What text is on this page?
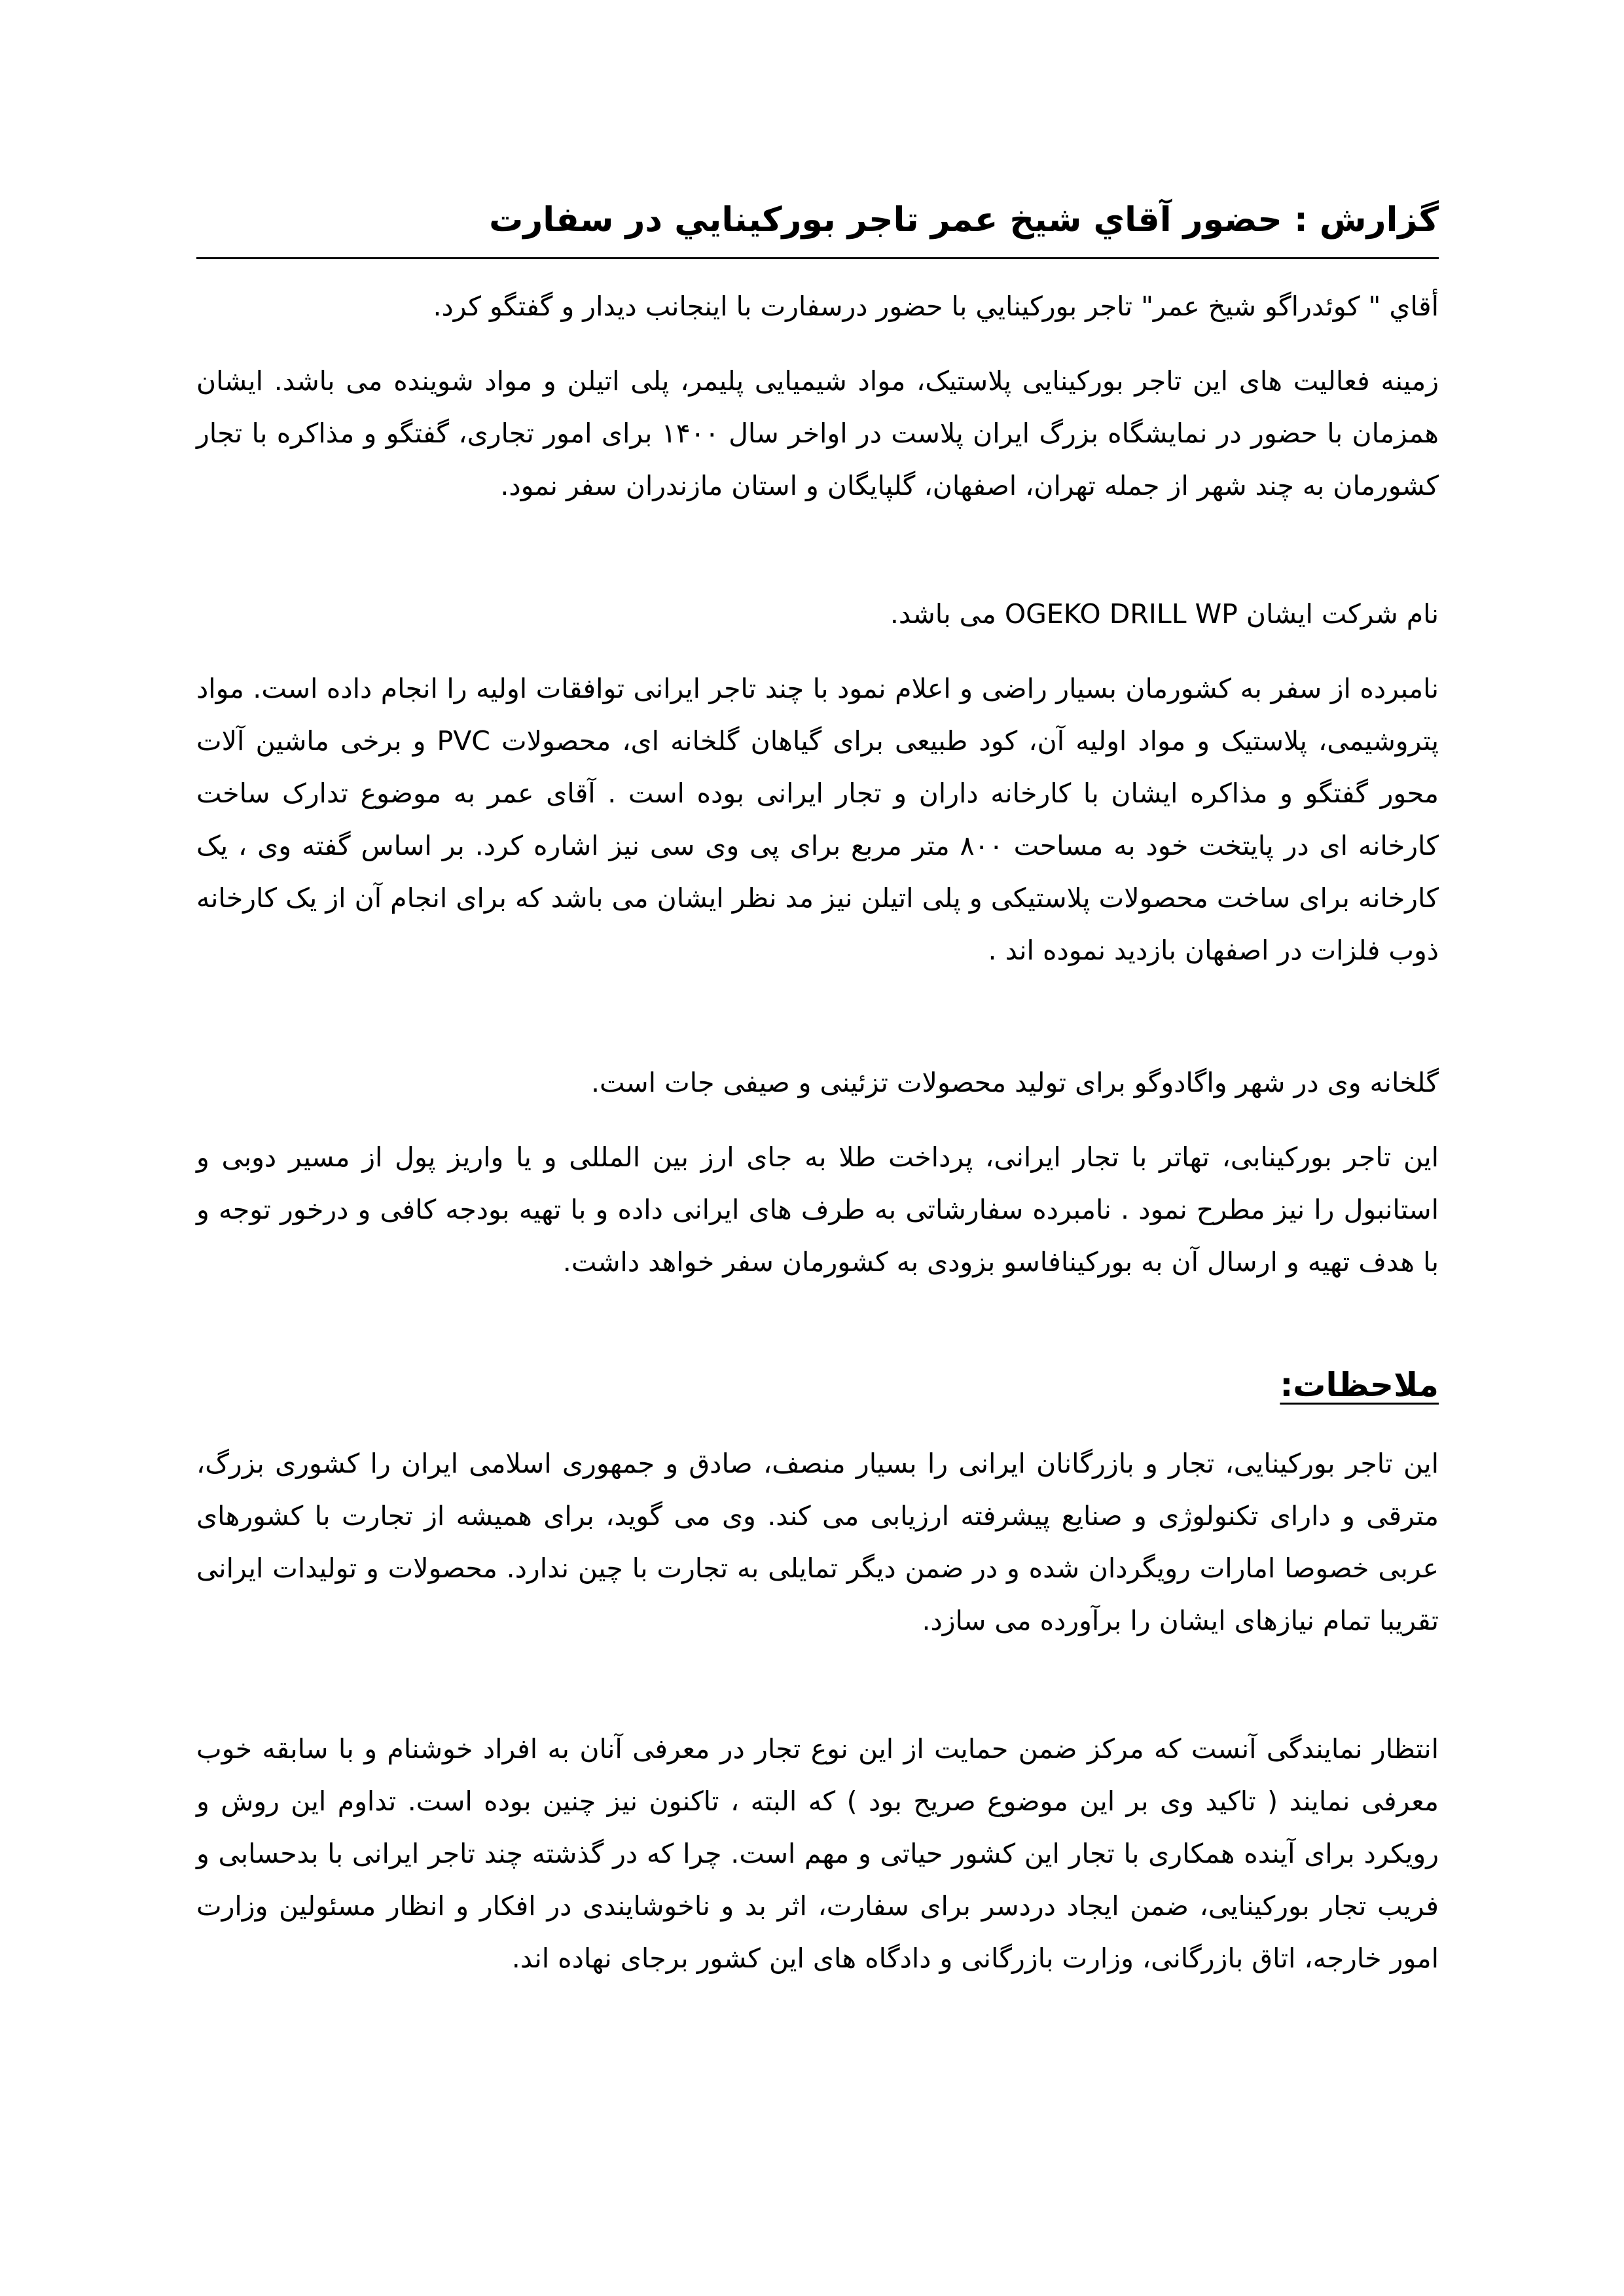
گزارش : حضور آقاي شیخ عمر تاجر بورکینایي در سفارت

أقاي " کوئدراگو شیخ عمر" تاجر بورکینایي با حضور درسفارت با اینجانب دیدار و گفتگو کرد.

زمینه فعالیت های این تاجر بورکینایی پلاستیک، مواد شیمیایی پلیمر، پلی اتیلن و مواد شوینده می باشد. ایشان همزمان با حضور در نمایشگاه بزرگ ایران پلاست در اواخر سال ۱۴۰۰ برای امور تجاری، گفتگو و مذاکره با تجار کشورمان به چند شهر از جمله تهران، اصفهان، گلپایگان و استان مازندران سفر نمود.

نام شرکت ایشان OGEKO DRILL WP می باشد.

نامبرده از سفر به کشورمان بسیار راضی و اعلام نمود با چند تاجر ایرانی توافقات اولیه را انجام داده است. مواد پتروشیمی، پلاستیک و مواد اولیه آن، کود طبیعی برای گیاهان گلخانه ای، محصولات PVC و برخی ماشین آلات محور گفتگو و مذاکره ایشان با کارخانه داران و تجار ایرانی بوده است . آقای عمر به موضوع تدارک ساخت کارخانه ای در پایتخت خود به مساحت ۸۰۰ متر مربع برای پی وی سی نیز اشاره کرد. بر اساس گفته وی ، یک کارخانه برای ساخت محصولات پلاستیکی و پلی اتیلن نیز مد نظر ایشان می باشد که برای انجام آن از یک کارخانه ذوب فلزات در اصفهان بازدید نموده اند .

گلخانه وی در شهر واگادوگو برای تولید محصولات تزئینی و صیفی جات است.

این تاجر بورکینابی، تهاتر با تجار ایرانی، پرداخت طلا به جای ارز بین المللی و یا واریز پول از مسیر دوبی و استانبول را نیز مطرح نمود . نامبرده سفارشاتی به طرف های ایرانی داده و با تهیه بودجه کافی و درخور توجه و با هدف تهیه و ارسال آن به بورکینافاسو بزودی به کشورمان سفر خواهد داشت.

ملاحظات:

این تاجر بورکینایی، تجار و بازرگانان ایرانی را بسیار منصف، صادق و جمهوری اسلامی ایران را کشوری بزرگ، مترقی و دارای تکنولوژی و صنایع پیشرفته ارزیابی می کند. وی می گوید، برای همیشه از تجارت با کشورهای عربی خصوصا امارات رویگردان شده و در ضمن دیگر تمایلی به تجارت با چین ندارد. محصولات و تولیدات ایرانی تقریبا تمام نیازهای ایشان را برآورده می سازد.

انتظار نمایندگی آنست که مرکز ضمن حمایت از این نوع تجار در معرفی آنان به افراد خوشنام و با سابقه خوب معرفی نمایند ( تاکید وی بر این موضوع صریح بود ) که البته ، تاکنون نیز چنین بوده است. تداوم این روش و رویکرد برای آینده همکاری با تجار این کشور حیاتی و مهم است. چرا که در گذشته چند تاجر ایرانی با بدحسابی و فریب تجار بورکینایی، ضمن ایجاد دردسر برای سفارت، اثر بد و ناخوشایندی در افکار و انظار مسئولین وزارت امور خارجه، اتاق بازرگانی، وزارت بازرگانی و دادگاه های این کشور برجای نهاده اند.
